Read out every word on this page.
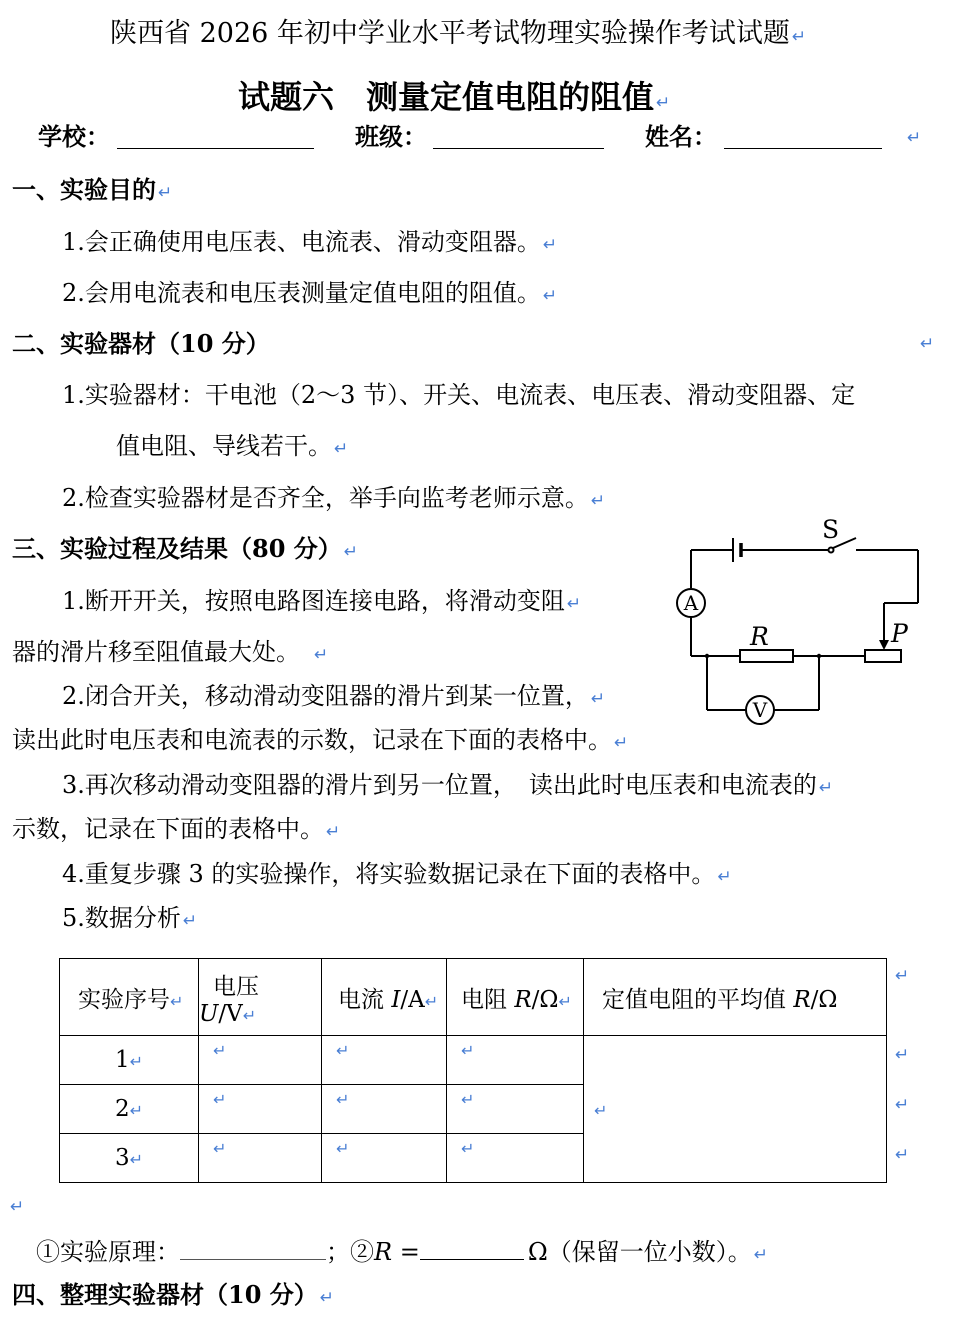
陕西省 2026 年初中学业水平考试物理实验操作考试试题 ↵
试题六　测量定值电阻的阻值 ↵
学校：	班级：	姓名：	↵
一、实验目的 ↵
1.会正确使用电压表、电流表、滑动变阻器。 ↵
2.会用电流表和电压表测量定值电阻的阻值。 ↵
二、实验器材（10 分）	↵
1.实验器材：干电池（2～3 节）、开关、电流表、电压表、滑动变阻器、定
值电阻、导线若干。 ↵
2.检查实验器材是否齐全，举手向监考老师示意。 ↵
三、实验过程及结果（80 分） ↵
1.断开开关，按照电路图连接电路，将滑动变阻 ↵
器的滑片移至阻值最大处。 ↵
2.闭合开关，移动滑动变阻器的滑片到某一位置， ↵
读出此时电压表和电流表的示数，记录在下面的表格中。 ↵
3.再次移动滑动变阻器的滑片到另一位置，　读出此时电压表和电流表的 ↵
示数，记录在下面的表格中。 ↵
4.重复步骤 3 的实验操作，将实验数据记录在下面的表格中。 ↵
5.数据分析 ↵
S
R	P
A
V
实验序号↵	电压 U/V↵	电流 I/A↵	电阻 R/Ω↵	定值电阻的平均值 R/Ω
1↵	↵	↵	↵	↵
2↵	↵	↵	↵	
3↵	↵	↵	↵	
↵
↵
↵
↵
↵
①实验原理：	；②R =	Ω（保留一位小数）。 ↵
四、整理实验器材（10 分） ↵
